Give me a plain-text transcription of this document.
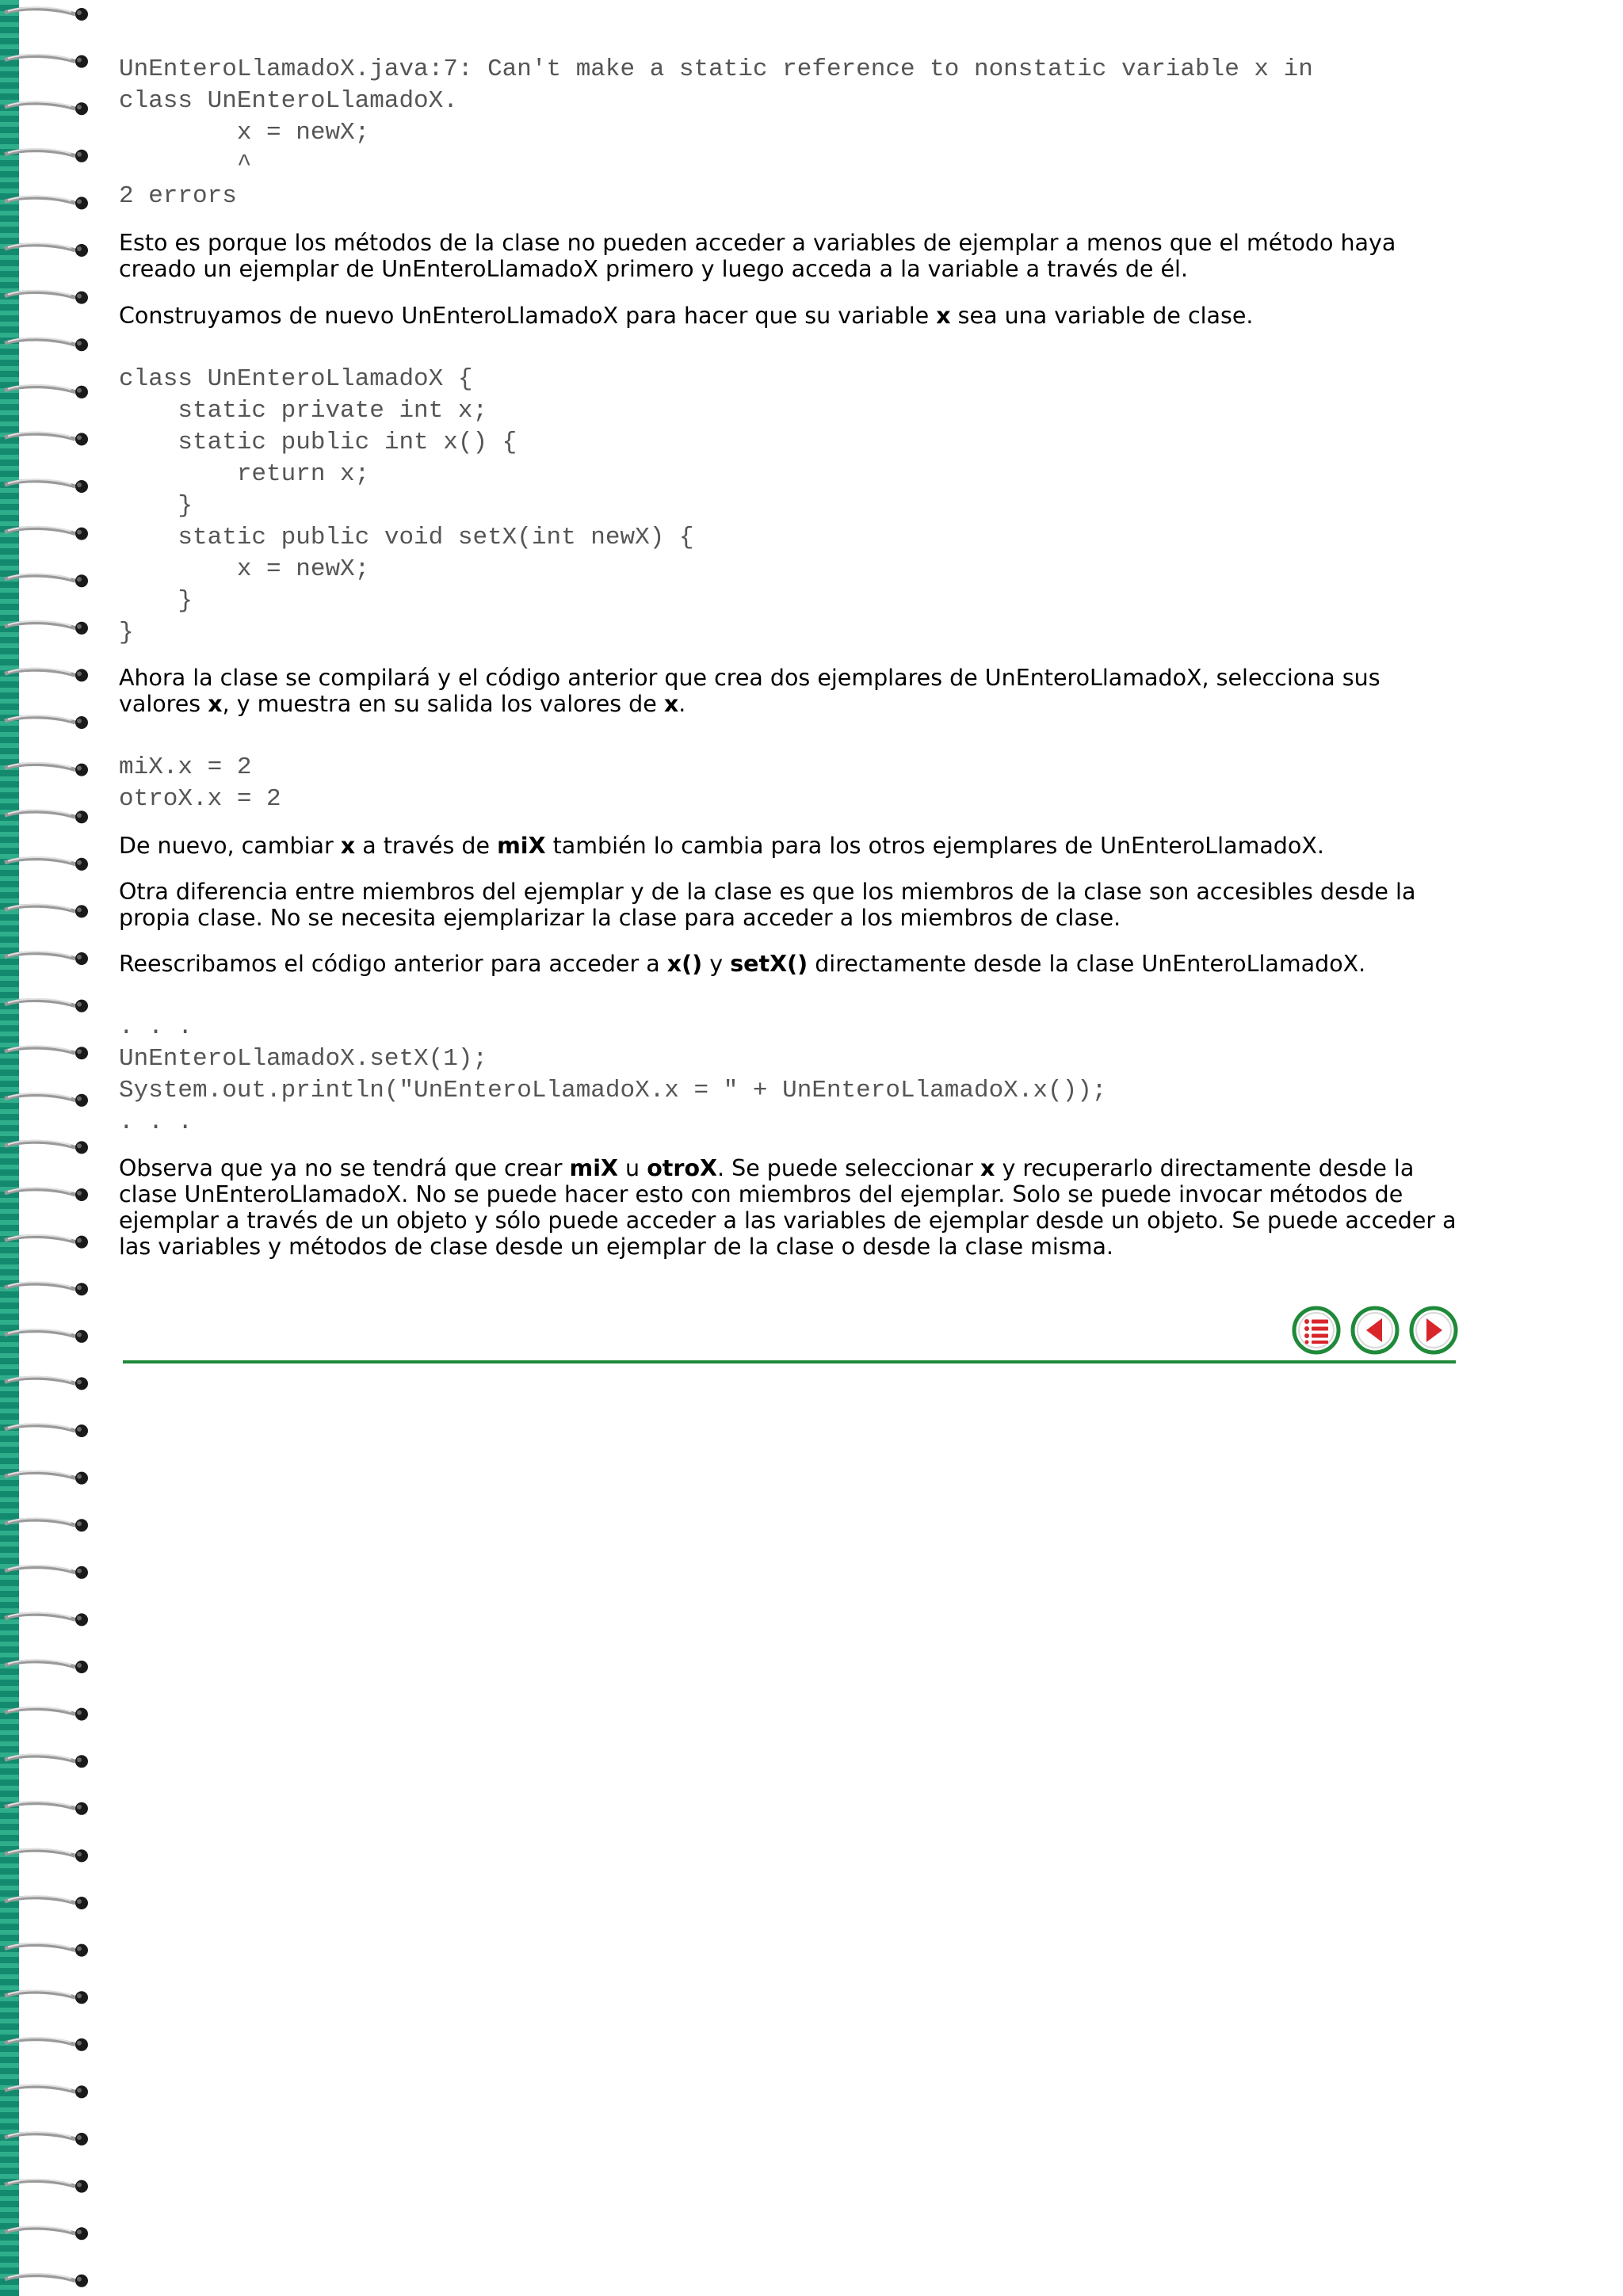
UnEnteroLlamadoX.java:7: Can't make a static reference to nonstatic variable x in
class UnEnteroLlamadoX.
x = newX;
^
2 errors

Esto es porque los métodos de la clase no pueden acceder a variables de ejemplar a menos que el método haya creado un ejemplar de UnEnteroLlamadoX primero y luego acceda a la variable a través de él.

Construyamos de nuevo UnEnteroLlamadoX para hacer que su variable x sea una variable de clase.

class UnEnteroLlamadoX {
static private int x;
static public int x() {
return x;
}
static public void setX(int newX) {
x = newX;
}
}

Ahora la clase se compilará y el código anterior que crea dos ejemplares de UnEnteroLlamadoX, selecciona sus valores x, y muestra en su salida los valores de x.

miX.x = 2
otroX.x = 2

De nuevo, cambiar x a través de miX también lo cambia para los otros ejemplares de UnEnteroLlamadoX.

Otra diferencia entre miembros del ejemplar y de la clase es que los miembros de la clase son accesibles desde la propia clase. No se necesita ejemplarizar la clase para acceder a los miembros de clase.

Reescribamos el código anterior para acceder a x() y setX() directamente desde la clase UnEnteroLlamadoX.

. . .
UnEnteroLlamadoX.setX(1);
System.out.println("UnEnteroLlamadoX.x = " + UnEnteroLlamadoX.x());
. . .

Observa que ya no se tendrá que crear miX u otroX. Se puede seleccionar x y recuperarlo directamente desde la clase UnEnteroLlamadoX. No se puede hacer esto con miembros del ejemplar. Solo se puede invocar métodos de ejemplar a través de un objeto y sólo puede acceder a las variables de ejemplar desde un objeto. Se puede acceder a las variables y métodos de clase desde un ejemplar de la clase o desde la clase misma.
